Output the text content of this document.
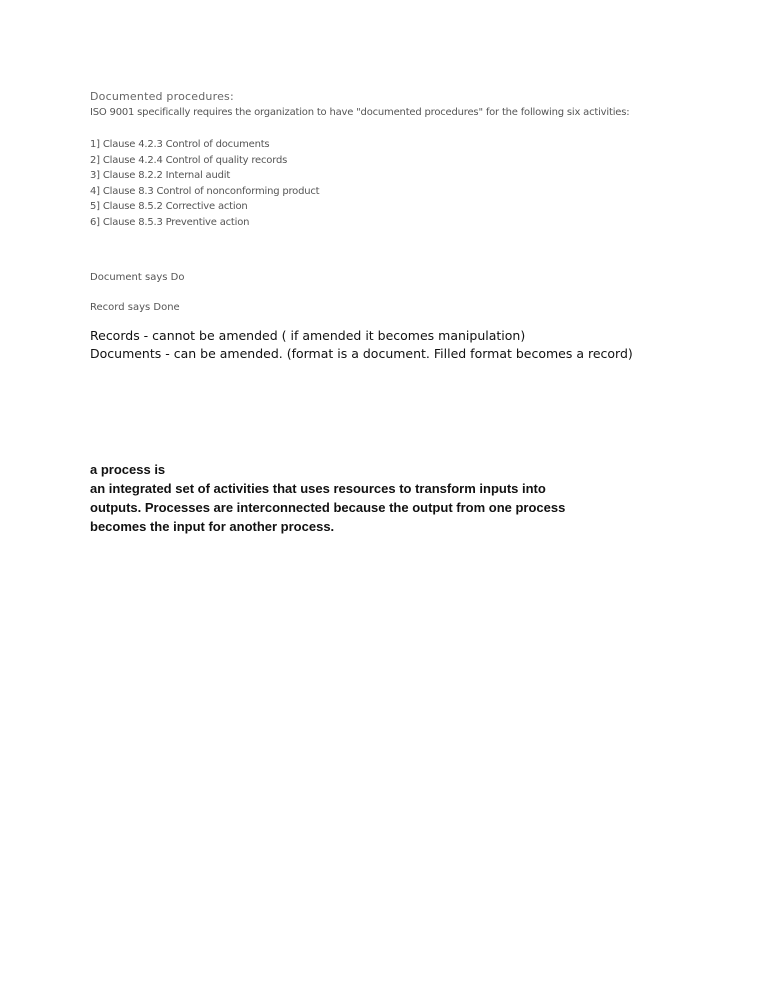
Documented procedures:
ISO 9001 specifically requires the organization to have "documented procedures" for the following six activities:
1] Clause 4.2.3 Control of documents
2] Clause 4.2.4 Control of quality records
3] Clause 8.2.2 Internal audit
4] Clause 8.3 Control of nonconforming product
5] Clause 8.5.2 Corrective action
6] Clause 8.5.3 Preventive action
Document says Do
Record says Done
Records - cannot be amended ( if amended it becomes manipulation)
Documents - can be amended. (format is a document. Filled format becomes a record)
a process is
an integrated set of activities that uses resources to transform inputs into
outputs. Processes are interconnected because the output from one process
becomes the input for another process.
